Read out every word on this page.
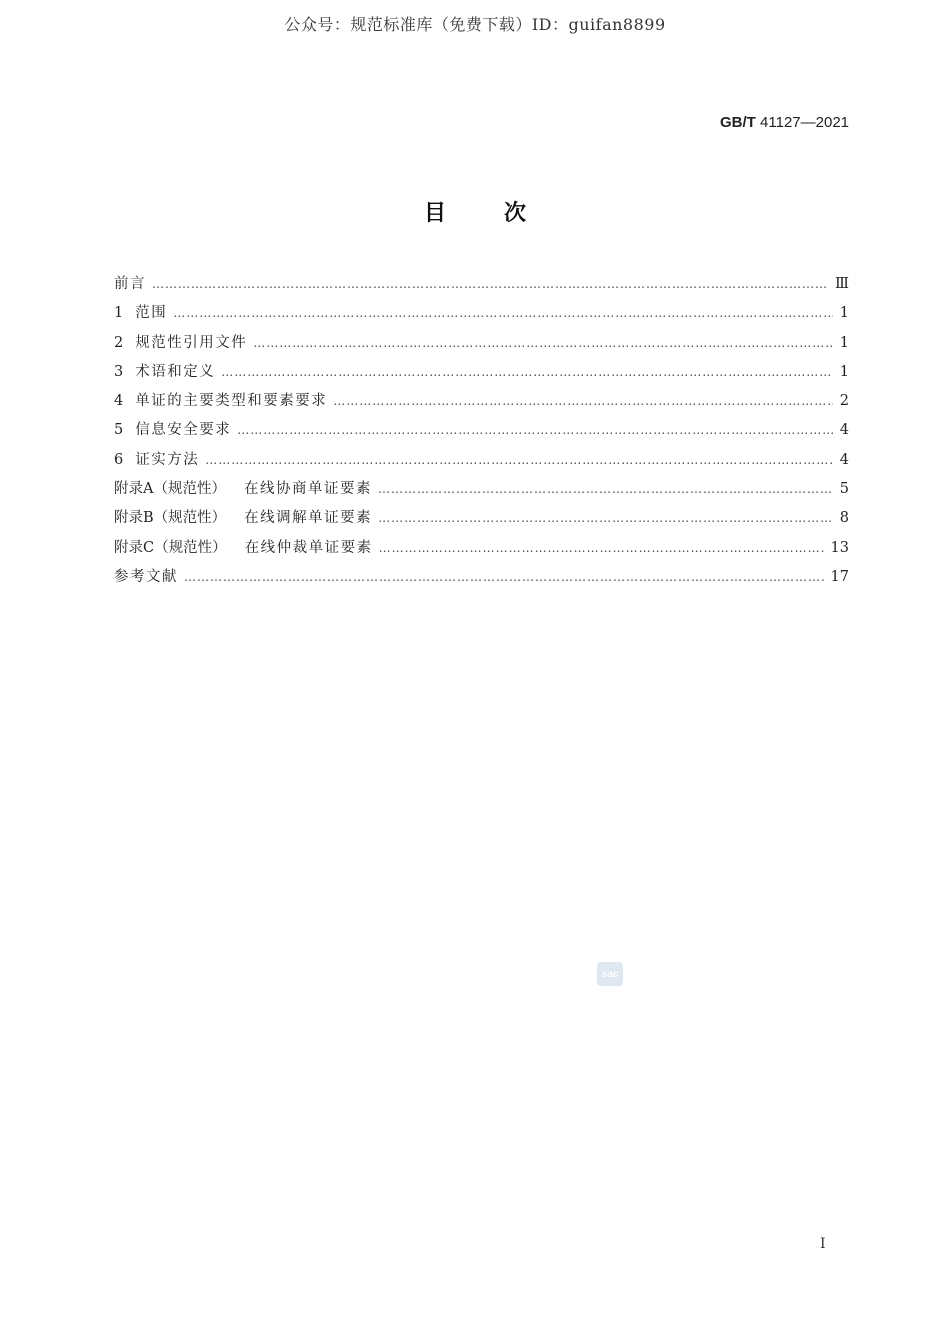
公众号：规范标准库（免费下载）ID：guifan8899
GB/T 41127—2021
目次
前言 …………………………………………………………………………………………………………………………………………………………………………………………………	Ⅲ
1 范围 …………………………………………………………………………………………………………………………………………………………………………………………………	1
2 规范性引用文件 …………………………………………………………………………………………………………………………………………………………………………………………………	1
3 术语和定义 …………………………………………………………………………………………………………………………………………………………………………………………………	1
4 单证的主要类型和要素要求 …………………………………………………………………………………………………………………………………………………………………………………………………	2
5 信息安全要求 …………………………………………………………………………………………………………………………………………………………………………………………………	4
6 证实方法 …………………………………………………………………………………………………………………………………………………………………………………………………	4
附录A（规范性） 在线协商单证要素 …………………………………………………………………………………………………………………………………………………………………………………………………	5
附录B（规范性） 在线调解单证要素 …………………………………………………………………………………………………………………………………………………………………………………………………	8
附录C（规范性） 在线仲裁单证要素 …………………………………………………………………………………………………………………………………………………………………………………………………	13
参考文献 …………………………………………………………………………………………………………………………………………………………………………………………………	17
sac
I
